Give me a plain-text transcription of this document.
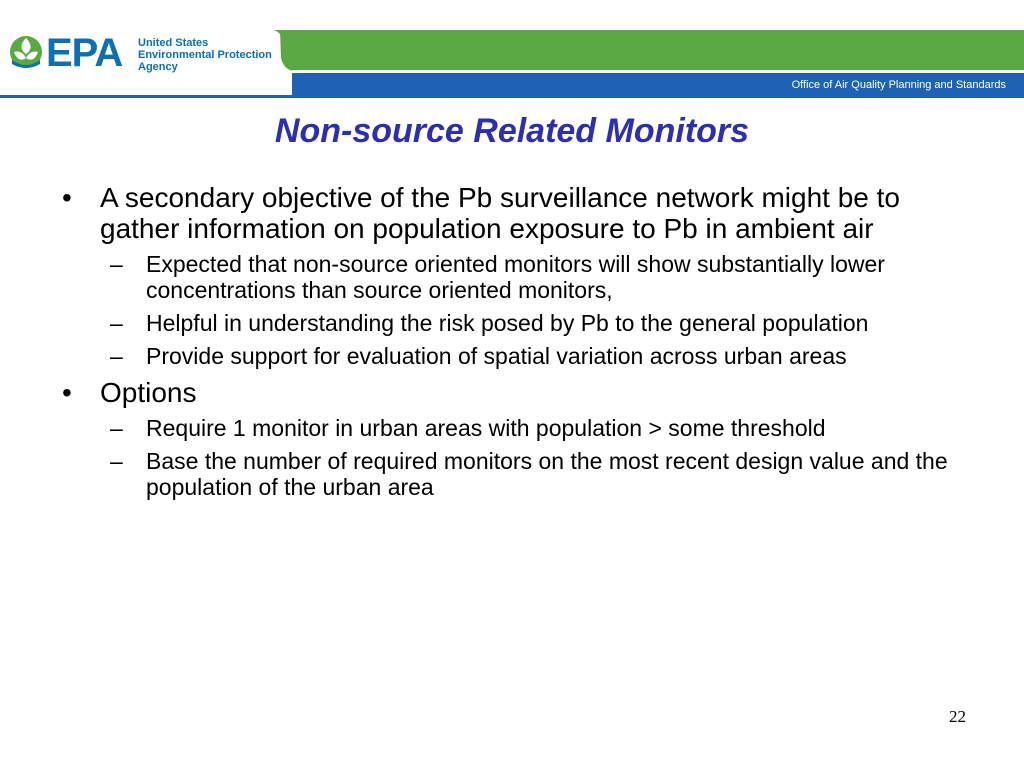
EPA United States
Environmental Protection
Agency
Office of Air Quality Planning and Standards
Non-source Related Monitors
• A secondary objective of the Pb surveillance network might be to gather information on population exposure to Pb in ambient air
– Expected that non-source oriented monitors will show substantially lower concentrations than source oriented monitors,
– Helpful in understanding the risk posed by Pb to the general population
– Provide support for evaluation of spatial variation across urban areas
• Options
– Require 1 monitor in urban areas with population > some threshold
– Base the number of required monitors on the most recent design value and the population of the urban area
22
